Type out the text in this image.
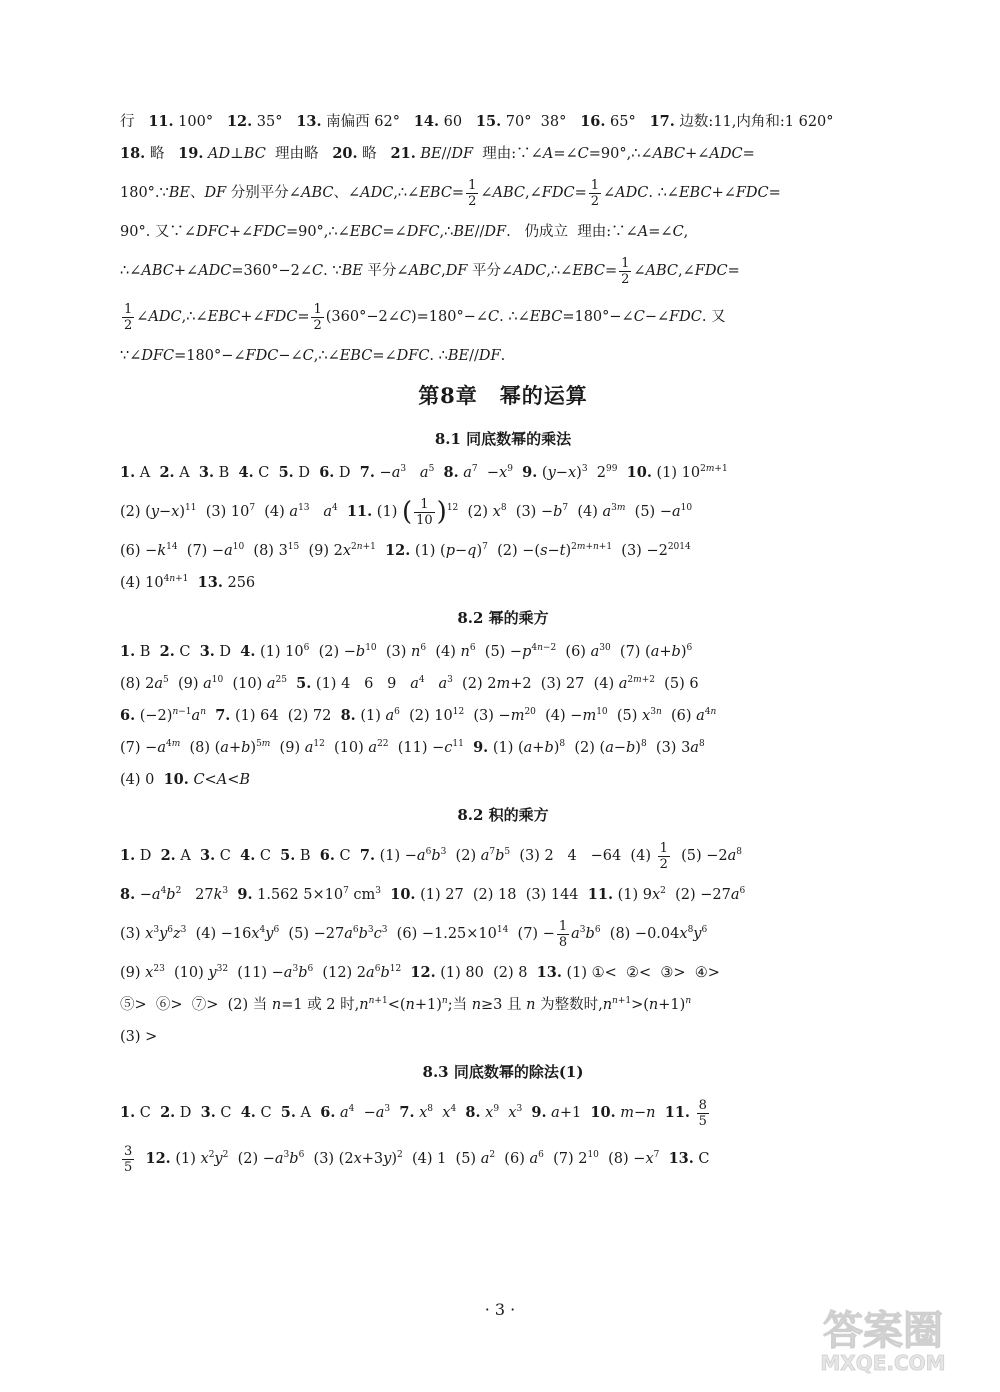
行   11. 100°   12. 35°   13. 南偏西 62°   14. 60   15. 70°  38°   16. 65°   17. 边数:11,内角和:1 620°
18. 略   19. AD⊥BC  理由略   20. 略   21. BE//DF  理由:∵∠A=∠C=90°,∴∠ABC+∠ADC=
180°.∵BE、DF 分别平分∠ABC、∠ADC,∴∠EBC= $\frac{1}{2}$ ∠ABC,∠FDC= $\frac{1}{2}$ ∠ADC. ∴∠EBC+∠FDC=
90°. 又∵∠DFC+∠FDC=90°,∴∠EBC=∠DFC,∴BE//DF.   仍成立  理由:∵∠A=∠C,
∴∠ABC+∠ADC=360°−2∠C. ∵BE 平分∠ABC,DF 平分∠ADC,∴∠EBC= $\frac{1}{2}$ ∠ABC,∠FDC=
$\frac{1}{2}$ ∠ADC,∴∠EBC+∠FDC= $\frac{1}{2}$ (360°−2∠C)=180°−∠C. ∴∠EBC=180°−∠C−∠FDC. 又
∵∠DFC=180°−∠FDC−∠C,∴∠EBC=∠DFC. ∴BE//DF.
第8章　幂的运算
8.1 同底数幂的乘法
1. A  2. A  3. B  4. C  5. D  6. D  7. $-a^3$ $a^5$ 8. $a^7 -x^9$ 9. $(y-x)^3$  $2^{99}$ 10. (1) $10^{2m+1}$
(2) $(y-x)^{11}$  (3) $10^7$  (4) $a^{13}$ $a^4$ 11. (1) ( $\frac{1}{10} )^{12}$  (2) $x^8$  $(3) -b^7$  (4) $a^{3m}$  $(5) -a^{10}$
$(6) -k^{14}$  $(7) -a^{10}$  (8) $3^{15}$  (9) $2x^{2n+1}$ 12. (1) $(p-q)^7$  $(2) -(s-t)^{2m+n+1}$  $(3) -2^{2014}$
(4) $10^{4n+1}$ 13. 256
8.2 幂的乘方
1. B  2. C  3. D  4. (1) $10^6$  $(2) -b^{10}$  (3) $n^6$  (4) $n^6$  $(5) -p^{4n-2}$  (6) $a^{30}$  (7) $(a+b)^6$
(8) $2a^5$  (9) $a^{10}$  (10) $a^{25}$ 5. (1) 4   6   9   $a^4$ $a^3$  (2) 2m+2  (3) 27  (4) $a^{2m+2}$  (5) 6
6. $(-2)^{n-1}a^n$ 7. (1) 64  (2) 72  8. (1) $a^6$  (2) $10^{12}$  $(3) -m^{20}$  $(4) -m^{10}$  (5) $x^{3n}$  (6) $a^{4n}$
$(7) -a^{4m}$  (8) $(a+b)^{5m}$  (9) $a^{12}$  (10) $a^{22}$  $(11) -c^{11}$ 9. (1) $(a+b)^8$  (2) $(a-b)^8$  (3) $3a^8$
(4) 0  10. C<A<B
8.2 积的乘方
1. D  2. A  3. C  4. C  5. B  6. C  7. $(1) -a^6b^3$  (2) $a^7b^5$  (3) 2   4   −64  $(4) \frac{1}{2} (5) -2a^8$
8. $-a^4b^2$   $27k^3$ 9. 1.562 $5\times 10^7$ $cm^3$ 10. (1) 27  (2) 18  (3) 144  11. (1) $9x^2$  $(2) -27a^6$
(3) $x^3y^6z^3$  $(4) -16x^4y^6$  $(5) -27a^6b^3c^3$  $(6) -1.25\times 10^{14}$  $(7) - \frac{1}{8} a^3b^6$  $(8) -0.04x^8y^6$
(9) $x^{23}$  (10) $y^{32}$  $(11) -a^3b^6$  (12) $2a^6b^{12}$ 12. (1) 80  (2) 8  13. (1) ①<  ②<  ③>  ④>
⑤>  ⑥>  ⑦>  (2) 当 n=1 或 2 时$,n^{n+1}<(n+1)^n$;当 n≥3 且 n 为整数时$,n^{n+1}>(n+1)^n$
(3) >
8.3 同底数幂的除法(1)
1. C  2. D  3. C  4. C  5. A  6. $a^4 -a^3$ 7. $x^8$ $x^4$ 8. $x^9$ $x^3$ 9. a+1  10. m−n 11. $\frac{8}{5}$
$\frac{3}{5} 12$. (1) $x^2y^2$  $(2) -a^3b^6$  (3) $(2x+3y)^2$  (4) 1  (5) $a^2$  (6) $a^6$  (7) $2^{10}$  $(8) -x^7$ 13. C
· 3 ·	答案圈
MXQE.COM
